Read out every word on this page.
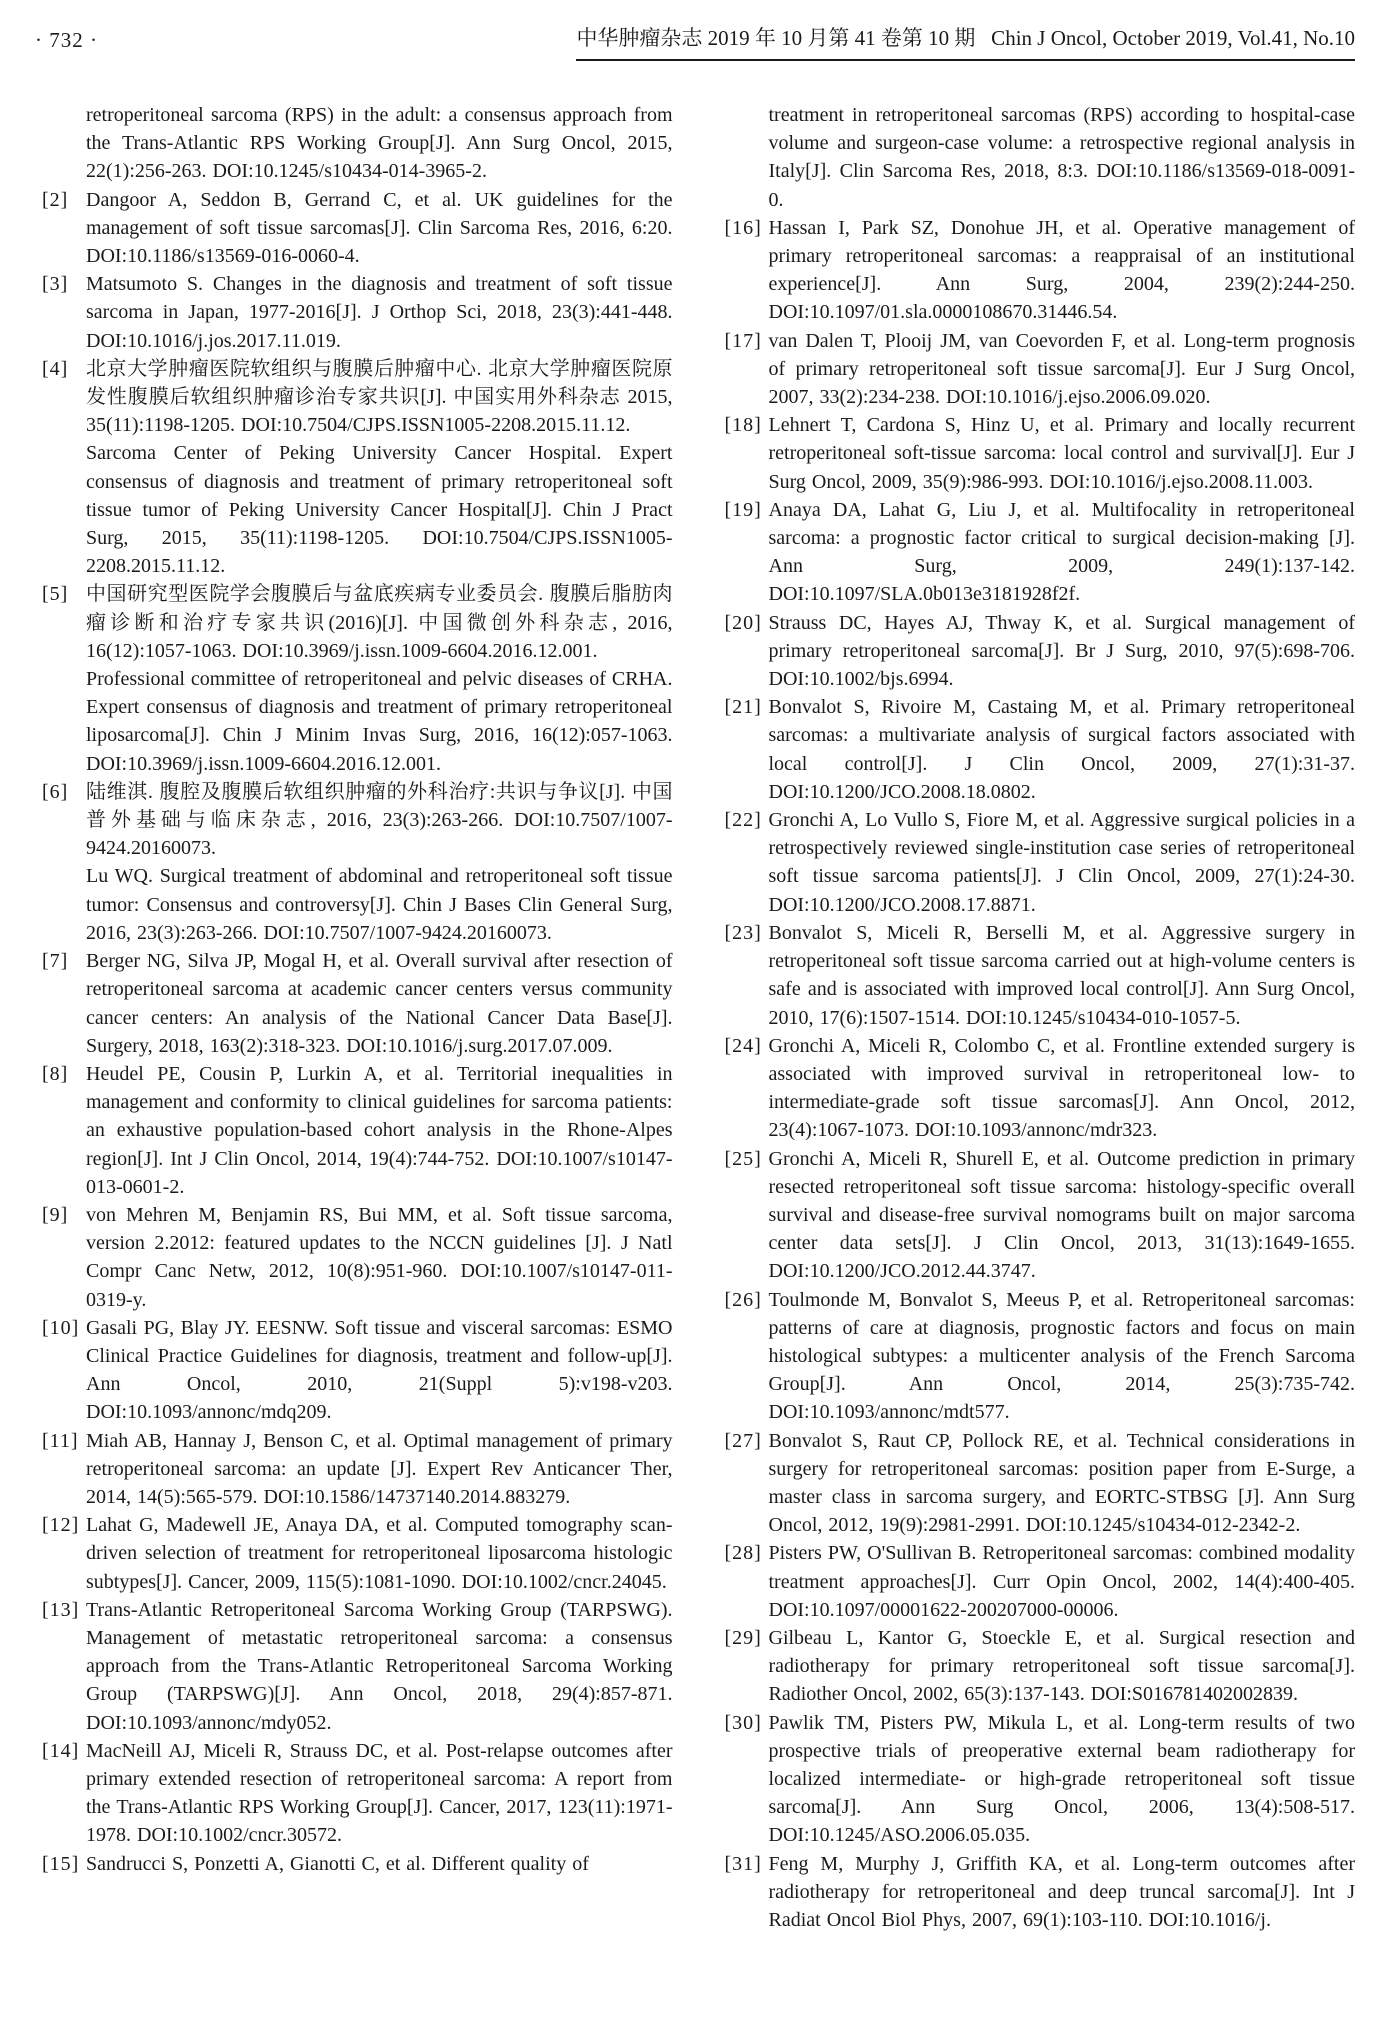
· 732 ·	中华肿瘤杂志 2019 年 10 月第 41 卷第 10 期   Chin J Oncol, October 2019, Vol.41, No.10
retroperitoneal sarcoma (RPS) in the adult: a consensus approach from the Trans-Atlantic RPS Working Group[J]. Ann Surg Oncol, 2015, 22(1):256-263. DOI:10.1245/s10434-014-3965-2.
[2] Dangoor A, Seddon B, Gerrand C, et al. UK guidelines for the management of soft tissue sarcomas[J]. Clin Sarcoma Res, 2016, 6:20. DOI:10.1186/s13569-016-0060-4.
[3] Matsumoto S. Changes in the diagnosis and treatment of soft tissue sarcoma in Japan, 1977-2016[J]. J Orthop Sci, 2018, 23(3):441-448. DOI:10.1016/j.jos.2017.11.019.
[4] 北京大学肿瘤医院软组织与腹膜后肿瘤中心. 北京大学肿瘤医院原发性腹膜后软组织肿瘤诊治专家共识[J]. 中国实用外科杂志 2015, 35(11):1198-1205. DOI:10.7504/CJPS.ISSN1005-2208.2015.11.12.
Sarcoma Center of Peking University Cancer Hospital. Expert consensus of diagnosis and treatment of primary retroperitoneal soft tissue tumor of Peking University Cancer Hospital[J]. Chin J Pract Surg, 2015, 35(11):1198-1205. DOI:10.7504/CJPS.ISSN1005-2208.2015.11.12.
[5] 中国研究型医院学会腹膜后与盆底疾病专业委员会. 腹膜后脂肪肉瘤诊断和治疗专家共识(2016)[J]. 中国微创外科杂志, 2016, 16(12):1057-1063. DOI:10.3969/j.issn.1009-6604.2016.12.001.
Professional committee of retroperitoneal and pelvic diseases of CRHA. Expert consensus of diagnosis and treatment of primary retroperitoneal liposarcoma[J]. Chin J Minim Invas Surg, 2016, 16(12):057-1063. DOI:10.3969/j.issn.1009-6604.2016.12.001.
[6] 陆维淇. 腹腔及腹膜后软组织肿瘤的外科治疗:共识与争议[J]. 中国普外基础与临床杂志, 2016, 23(3):263-266. DOI:10.7507/1007-9424.20160073.
Lu WQ. Surgical treatment of abdominal and retroperitoneal soft tissue tumor: Consensus and controversy[J]. Chin J Bases Clin General Surg, 2016, 23(3):263-266. DOI:10.7507/1007-9424.20160073.
[7] Berger NG, Silva JP, Mogal H, et al. Overall survival after resection of retroperitoneal sarcoma at academic cancer centers versus community cancer centers: An analysis of the National Cancer Data Base[J]. Surgery, 2018, 163(2):318-323. DOI:10.1016/j.surg.2017.07.009.
[8] Heudel PE, Cousin P, Lurkin A, et al. Territorial inequalities in management and conformity to clinical guidelines for sarcoma patients: an exhaustive population-based cohort analysis in the Rhone-Alpes region[J]. Int J Clin Oncol, 2014, 19(4):744-752. DOI:10.1007/s10147-013-0601-2.
[9] von Mehren M, Benjamin RS, Bui MM, et al. Soft tissue sarcoma, version 2.2012: featured updates to the NCCN guidelines [J]. J Natl Compr Canc Netw, 2012, 10(8):951-960. DOI:10.1007/s10147-011-0319-y.
[10] Gasali PG, Blay JY. EESNW. Soft tissue and visceral sarcomas: ESMO Clinical Practice Guidelines for diagnosis, treatment and follow-up[J]. Ann Oncol, 2010, 21(Suppl 5):v198-v203. DOI:10.1093/annonc/mdq209.
[11] Miah AB, Hannay J, Benson C, et al. Optimal management of primary retroperitoneal sarcoma: an update [J]. Expert Rev Anticancer Ther, 2014, 14(5):565-579. DOI:10.1586/14737140.2014.883279.
[12] Lahat G, Madewell JE, Anaya DA, et al. Computed tomography scan-driven selection of treatment for retroperitoneal liposarcoma histologic subtypes[J]. Cancer, 2009, 115(5):1081-1090. DOI:10.1002/cncr.24045.
[13] Trans-Atlantic Retroperitoneal Sarcoma Working Group (TARPSWG). Management of metastatic retroperitoneal sarcoma: a consensus approach from the Trans-Atlantic Retroperitoneal Sarcoma Working Group (TARPSWG)[J]. Ann Oncol, 2018, 29(4):857-871. DOI:10.1093/annonc/mdy052.
[14] MacNeill AJ, Miceli R, Strauss DC, et al. Post-relapse outcomes after primary extended resection of retroperitoneal sarcoma: A report from the Trans-Atlantic RPS Working Group[J]. Cancer, 2017, 123(11):1971-1978. DOI:10.1002/cncr.30572.
[15] Sandrucci S, Ponzetti A, Gianotti C, et al. Different quality of
treatment in retroperitoneal sarcomas (RPS) according to hospital-case volume and surgeon-case volume: a retrospective regional analysis in Italy[J]. Clin Sarcoma Res, 2018, 8:3. DOI:10.1186/s13569-018-0091-0.
[16] Hassan I, Park SZ, Donohue JH, et al. Operative management of primary retroperitoneal sarcomas: a reappraisal of an institutional experience[J]. Ann Surg, 2004, 239(2):244-250. DOI:10.1097/01.sla.0000108670.31446.54.
[17] van Dalen T, Plooij JM, van Coevorden F, et al. Long-term prognosis of primary retroperitoneal soft tissue sarcoma[J]. Eur J Surg Oncol, 2007, 33(2):234-238. DOI:10.1016/j.ejso.2006.09.020.
[18] Lehnert T, Cardona S, Hinz U, et al. Primary and locally recurrent retroperitoneal soft-tissue sarcoma: local control and survival[J]. Eur J Surg Oncol, 2009, 35(9):986-993. DOI:10.1016/j.ejso.2008.11.003.
[19] Anaya DA, Lahat G, Liu J, et al. Multifocality in retroperitoneal sarcoma: a prognostic factor critical to surgical decision-making [J]. Ann Surg, 2009, 249(1):137-142. DOI:10.1097/SLA.0b013e3181928f2f.
[20] Strauss DC, Hayes AJ, Thway K, et al. Surgical management of primary retroperitoneal sarcoma[J]. Br J Surg, 2010, 97(5):698-706. DOI:10.1002/bjs.6994.
[21] Bonvalot S, Rivoire M, Castaing M, et al. Primary retroperitoneal sarcomas: a multivariate analysis of surgical factors associated with local control[J]. J Clin Oncol, 2009, 27(1):31-37. DOI:10.1200/JCO.2008.18.0802.
[22] Gronchi A, Lo Vullo S, Fiore M, et al. Aggressive surgical policies in a retrospectively reviewed single-institution case series of retroperitoneal soft tissue sarcoma patients[J]. J Clin Oncol, 2009, 27(1):24-30. DOI:10.1200/JCO.2008.17.8871.
[23] Bonvalot S, Miceli R, Berselli M, et al. Aggressive surgery in retroperitoneal soft tissue sarcoma carried out at high-volume centers is safe and is associated with improved local control[J]. Ann Surg Oncol, 2010, 17(6):1507-1514. DOI:10.1245/s10434-010-1057-5.
[24] Gronchi A, Miceli R, Colombo C, et al. Frontline extended surgery is associated with improved survival in retroperitoneal low- to intermediate-grade soft tissue sarcomas[J]. Ann Oncol, 2012, 23(4):1067-1073. DOI:10.1093/annonc/mdr323.
[25] Gronchi A, Miceli R, Shurell E, et al. Outcome prediction in primary resected retroperitoneal soft tissue sarcoma: histology-specific overall survival and disease-free survival nomograms built on major sarcoma center data sets[J]. J Clin Oncol, 2013, 31(13):1649-1655. DOI:10.1200/JCO.2012.44.3747.
[26] Toulmonde M, Bonvalot S, Meeus P, et al. Retroperitoneal sarcomas: patterns of care at diagnosis, prognostic factors and focus on main histological subtypes: a multicenter analysis of the French Sarcoma Group[J]. Ann Oncol, 2014, 25(3):735-742. DOI:10.1093/annonc/mdt577.
[27] Bonvalot S, Raut CP, Pollock RE, et al. Technical considerations in surgery for retroperitoneal sarcomas: position paper from E-Surge, a master class in sarcoma surgery, and EORTC-STBSG [J]. Ann Surg Oncol, 2012, 19(9):2981-2991. DOI:10.1245/s10434-012-2342-2.
[28] Pisters PW, O'Sullivan B. Retroperitoneal sarcomas: combined modality treatment approaches[J]. Curr Opin Oncol, 2002, 14(4):400-405. DOI:10.1097/00001622-200207000-00006.
[29] Gilbeau L, Kantor G, Stoeckle E, et al. Surgical resection and radiotherapy for primary retroperitoneal soft tissue sarcoma[J]. Radiother Oncol, 2002, 65(3):137-143. DOI:S016781402002839.
[30] Pawlik TM, Pisters PW, Mikula L, et al. Long-term results of two prospective trials of preoperative external beam radiotherapy for localized intermediate- or high-grade retroperitoneal soft tissue sarcoma[J]. Ann Surg Oncol, 2006, 13(4):508-517. DOI:10.1245/ASO.2006.05.035.
[31] Feng M, Murphy J, Griffith KA, et al. Long-term outcomes after radiotherapy for retroperitoneal and deep truncal sarcoma[J]. Int J Radiat Oncol Biol Phys, 2007, 69(1):103-110. DOI:10.1016/j.
